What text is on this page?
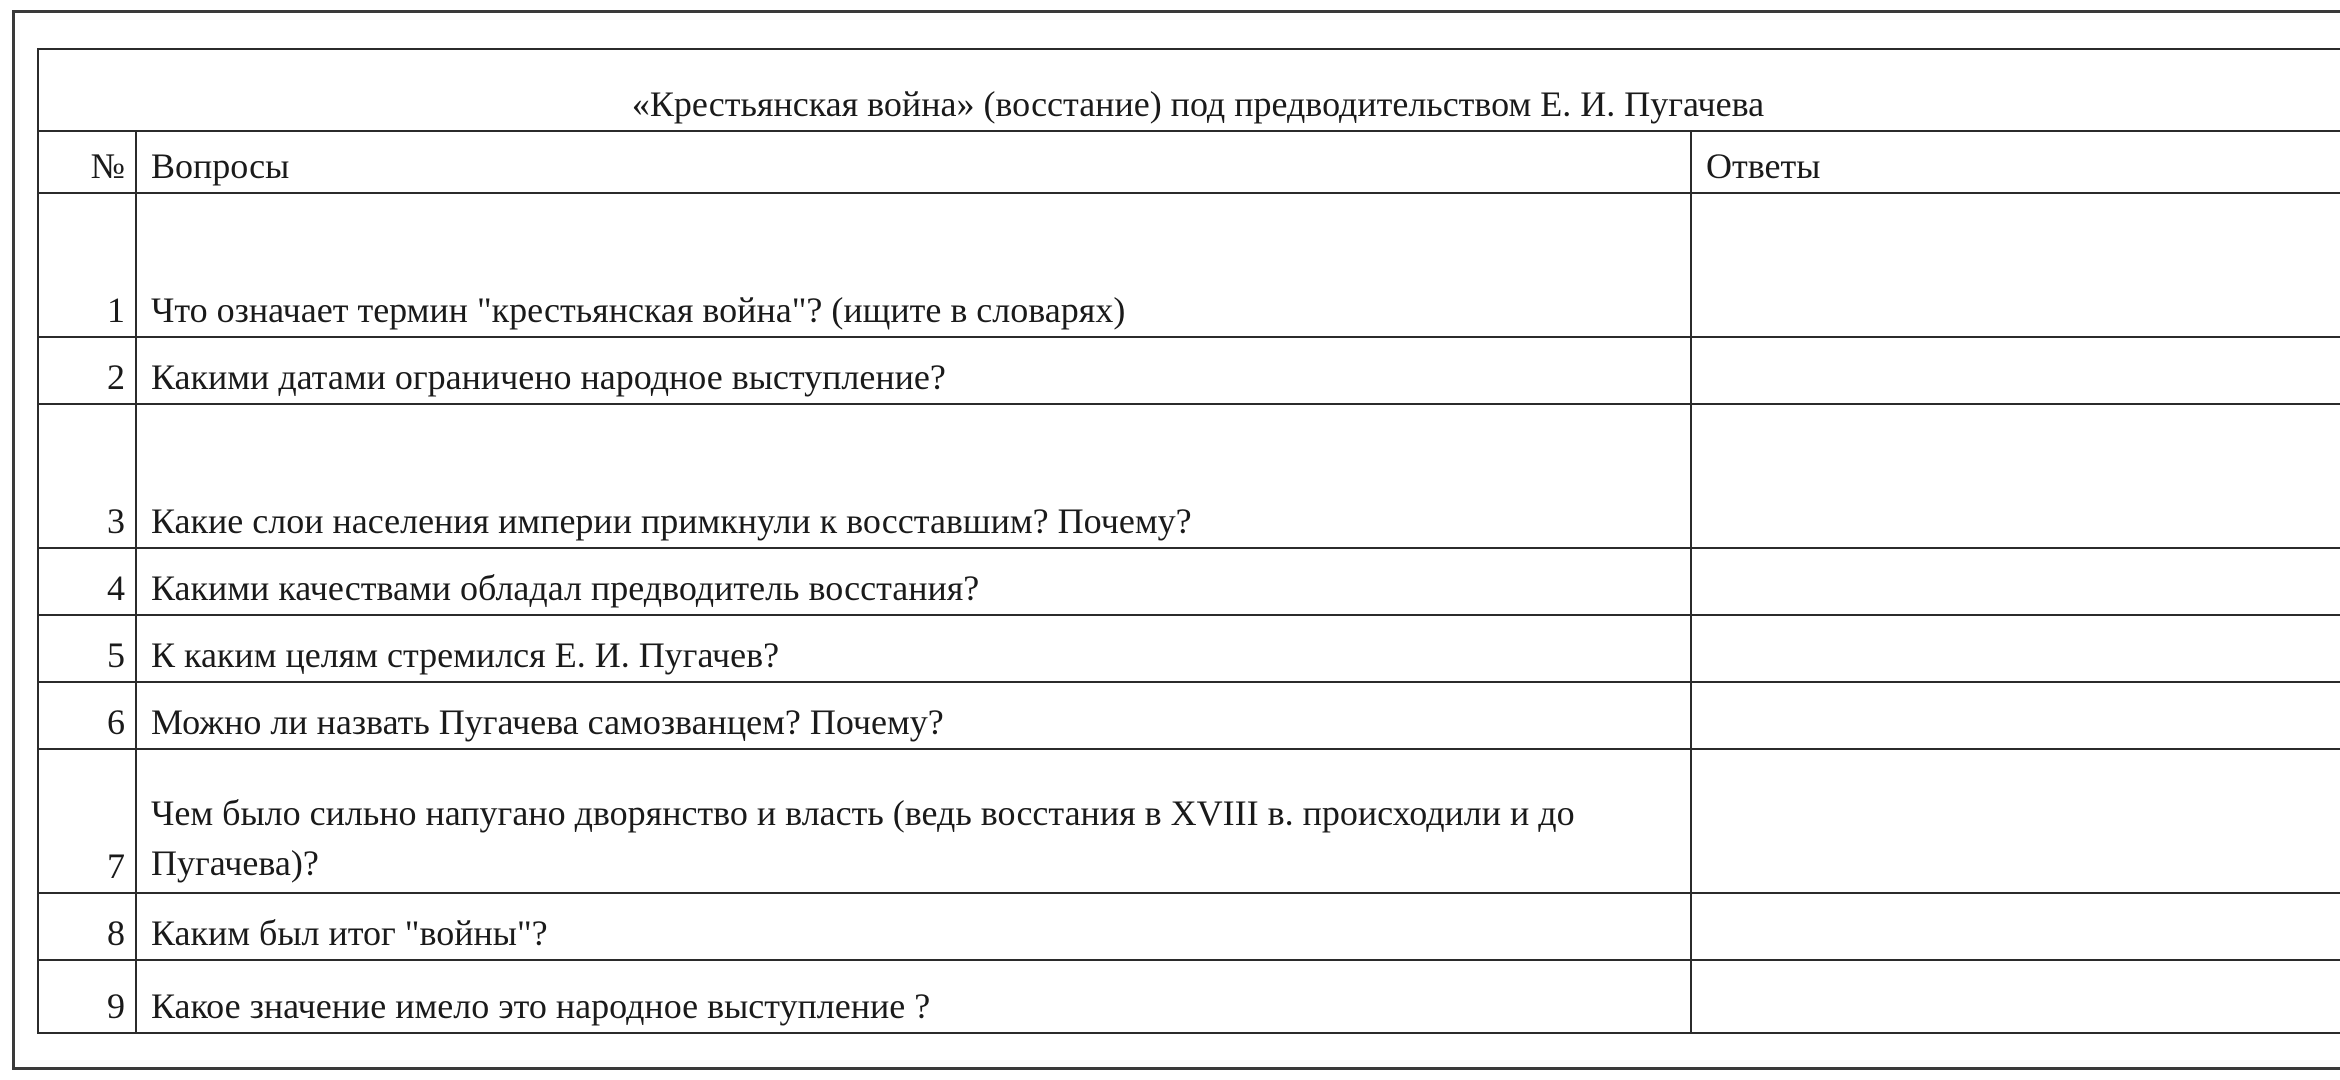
«Крестьянская война» (восстание) под предводительством Е. И. Пугачева		
№	Вопросы	Ответы
1	Что означает термин "крестьянская война"? (ищите в словарях)	
2	Какими датами ограничено народное выступление?	
3	Какие слои населения империи примкнули к восставшим? Почему?	
4	Какими качествами обладал предводитель восстания?	
5	К каким целям стремился Е. И. Пугачев?	
6	Можно ли назвать Пугачева самозванцем? Почему?	
7	Чем было сильно напугано дворянство и власть (ведь восстания в XVIII в. происходили и до Пугачева)?	
8	Каким был итог "войны"?	
9	Какое значение имело это народное выступление ?	
